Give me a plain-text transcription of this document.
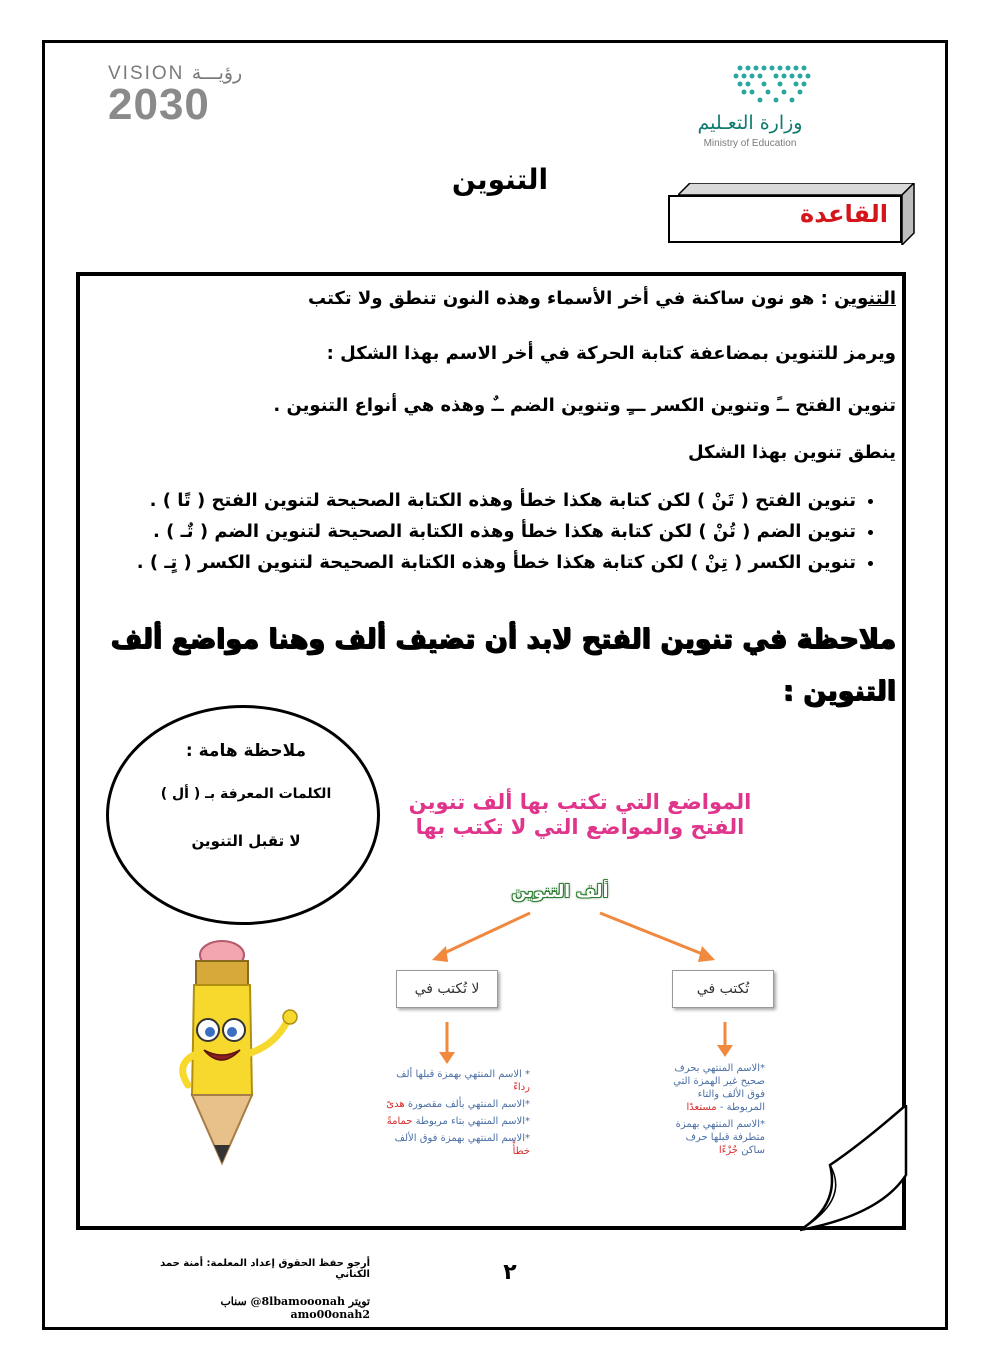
VISION رؤيـــة
2030	وزارة التعـليم
Ministry of Education
التنوين
القاعدة
التنوين : هو نون ساكنة في أخر الأسماء وهذه النون تنطق ولا تكتب
ويرمز للتنوين بمضاعفة كتابة الحركة في أخر الاسم بهذا الشكل :
تنوين الفتح ــً وتنوين الكسر ـــٍ وتنوين الضم ــٌ وهذه هي أنواع التنوين .
ينطق تنوين بهذا الشكل
• تنوين الفتح ( تَنْ ) لكن كتابة هكذا خطأ وهذه الكتابة الصحيحة لتنوين الفتح ( تًا ) .
• تنوين الضم ( تُنْ ) لكن كتابة هكذا خطأ وهذه الكتابة الصحيحة لتنوين الضم ( تٌـ ) .
• تنوين الكسر ( تِنْ ) لكن كتابة هكذا خطأ وهذه الكتابة الصحيحة لتنوين الكسر ( تٍـ ) .
ملاحظة في تنوين الفتح لابد أن تضيف ألف وهنا مواضع ألف
التنوين :
ملاحظة هامة :
الكلمات المعرفة بـ ( أل )
لا تقبل التنوين
المواضع التي تكتب بها ألف تنوين
الفتح والمواضع التي لا تكتب بها
ألف التنوين
لا تُكتب في	تُكتب في
* الاسم المنتهي بهمزة قبلها ألف رداءً
*الاسم المنتهي بألف مقصورة هدىً
*الاسم المنتهي بتاء مربوطة حمامةً
*الاسم المنتهي بهمزة فوق الألف خطأً
*الاسم المنتهي بحرف صحيح غير الهمزة التي فوق الألف والتاء المربوطة - مستعدًا
*الاسم المنتهي بهمزة متطرفة قبلها حرف ساكن جُزْءًا
أرجو حفظ الحقوق إعداد المعلمة: أمنة حمد الكناني	٢
تويتر 8lbamooonah@ سناب amo00onah2
